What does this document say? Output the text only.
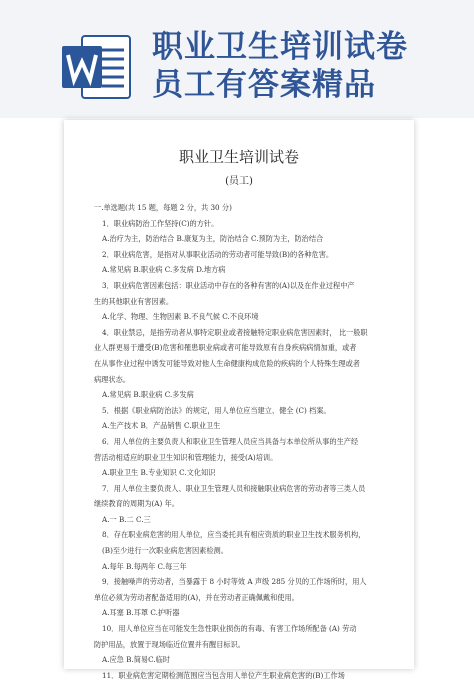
职业卫生培训试卷
员工有答案精品
职业卫生培训试卷
(员工)
一.单选题(共 15 题，每题 2 分，共 30 分)
1．职业病防治工作坚持(C)的方针。
A.治疗为主，防治结合 B.康复为主，防治结合 C.预防为主，防治结合
2．职业病危害，是指对从事职业活动的劳动者可能导致(B)的各种危害。
A.常见病 B.职业病 C.多发病 D.地方病
3．职业病危害因素包括：职业活动中存在的各种有害的(A)以及在作业过程中产
生的其他职业有害因素。
A.化学、物理、生物因素 B.不良气候 C.不良环境
4．职业禁忌，是指劳动者从事特定职业或者接触特定职业病危害因素时， 比一般职
业人群更易于遭受(B)危害和罹患职业病或者可能导致原有自身疾病病情加重，或者
在从事作业过程中诱发可能导致对他人生命健康构成危险的疾病的个人特殊生理或者
病理状态。
A.常见病 B.职业病 C.多发病
5．根据《职业病防治法》的规定，用人单位应当建立、健全 (C) 档案。
A.生产技术 B．产品销售 C.职业卫生
6．用人单位的主要负责人和职业卫生管理人员应当具备与本单位所从事的生产经
营活动相适应的职业卫生知识和管理能力，接受(A)培训。
A.职业卫生 B.专业知识 C.文化知识
7．用人单位主要负责人、职业卫生管理人员和接触职业病危害的劳动者等三类人员
继续教育的周期为(A) 年。
A.一 B.二 C.三
8．存在职业病危害的用人单位，应当委托具有相应资质的职业卫生技术服务机构，
(B)至少进行一次职业病危害因素检测。
A.每年 B.每两年 C.每三年
9．接触噪声的劳动者，当暴露于 8 小时等效 A 声级 285 分贝的工作场所时，用人
单位必须为劳动者配备适用的(A)，并在劳动者正确佩戴和使用。
A.耳塞 B.耳罩 C.护听器
10．用人单位应当在可能发生急性职业损伤的有毒、有害工作场所配备 (A) 劳动
防护用品，放置于现场临近位置并有醒目标识。
A.应急 B.简易C.临时
11．职业病危害定期检测范围应当包含用人单位产生职业病危害的(B)工作场
